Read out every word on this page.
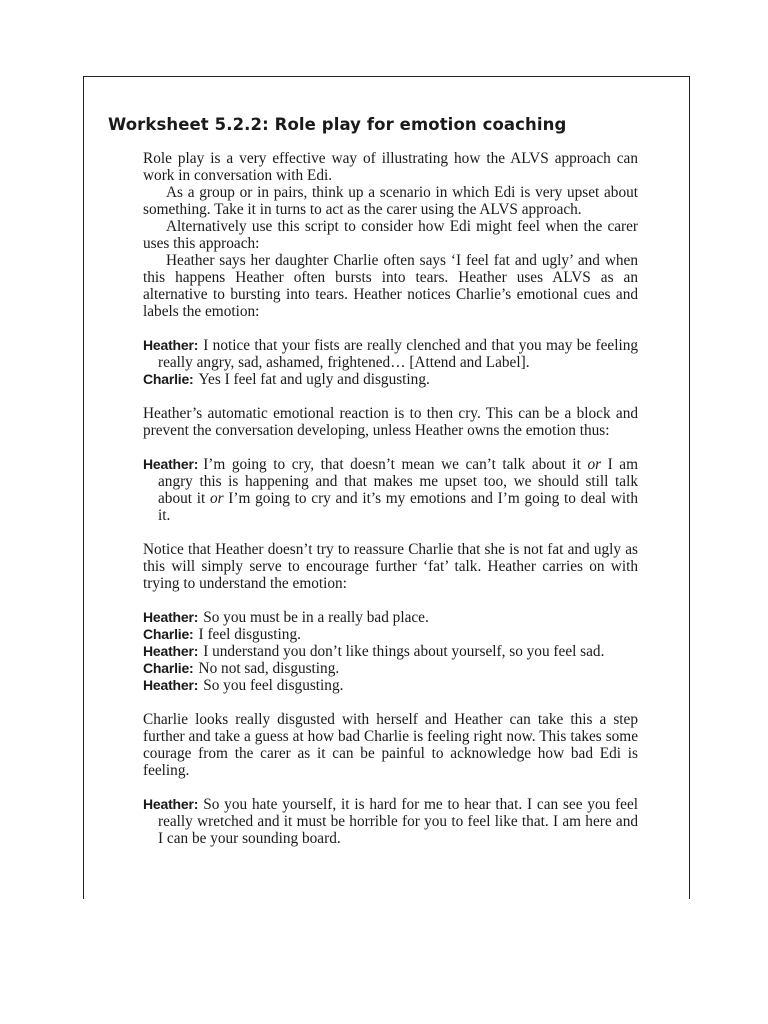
Worksheet 5.2.2: Role play for emotion coaching

Role play is a very effective way of illustrating how the ALVS approach can work in conversation with Edi.

As a group or in pairs, think up a scenario in which Edi is very upset about something. Take it in turns to act as the carer using the ALVS approach.

Alternatively use this script to consider how Edi might feel when the carer uses this approach:

Heather says her daughter Charlie often says ‘I feel fat and ugly’ and when this happens Heather often bursts into tears. Heather uses ALVS as an alternative to bursting into tears. Heather notices Charlie’s emotional cues and labels the emotion:

Heather: I notice that your fists are really clenched and that you may be feeling really angry, sad, ashamed, frightened… [Attend and Label].

Charlie: Yes I feel fat and ugly and disgusting.

Heather’s automatic emotional reaction is to then cry. This can be a block and prevent the conversation developing, unless Heather owns the emotion thus:

Heather: I’m going to cry, that doesn’t mean we can’t talk about it or I am angry this is happening and that makes me upset too, we should still talk about it or I’m going to cry and it’s my emotions and I’m going to deal with it.

Notice that Heather doesn’t try to reassure Charlie that she is not fat and ugly as this will simply serve to encourage further ‘fat’ talk. Heather carries on with trying to understand the emotion:

Heather: So you must be in a really bad place.

Charlie: I feel disgusting.

Heather: I understand you don’t like things about yourself, so you feel sad.

Charlie: No not sad, disgusting.

Heather: So you feel disgusting.

Charlie looks really disgusted with herself and Heather can take this a step further and take a guess at how bad Charlie is feeling right now. This takes some courage from the carer as it can be painful to acknowledge how bad Edi is feeling.

Heather: So you hate yourself, it is hard for me to hear that. I can see you feel really wretched and it must be horrible for you to feel like that. I am here and I can be your sounding board.
